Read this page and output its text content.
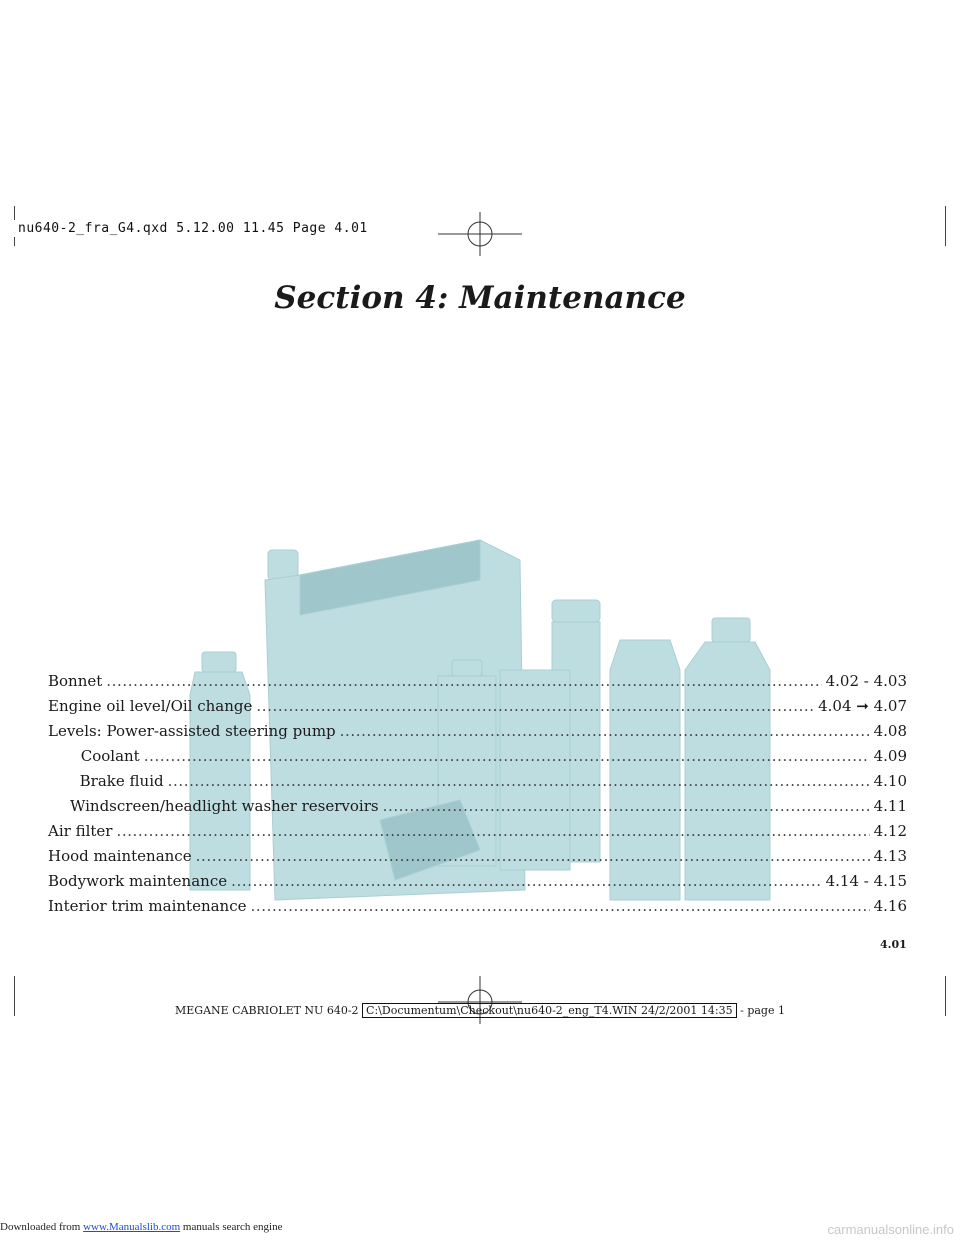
nu640-2_fra_G4.qxd 5.12.00 11.45 Page 4.01
Section 4: Maintenance
Bonnet .....	4.02 - 4.03
Engine oil level/Oil change .....	4.04 ➞ 4.07
Levels: Power-assisted steering pump .....	4.08
Coolant .....	4.09
Brake fluid .....	4.10
Windscreen/headlight washer reservoirs .....	4.11
Air filter .....	4.12
Hood maintenance .....	4.13
Bodywork maintenance .....	4.14 - 4.15
Interior trim maintenance .....	4.16
4.01
MEGANE CABRIOLET NU 640-2 C:\Documentum\Checkout\nu640-2_eng_T4.WIN 24/2/2001 14:35 - page 1
Downloaded from www.Manualslib.com manuals search engine	carmanualsonline.info
